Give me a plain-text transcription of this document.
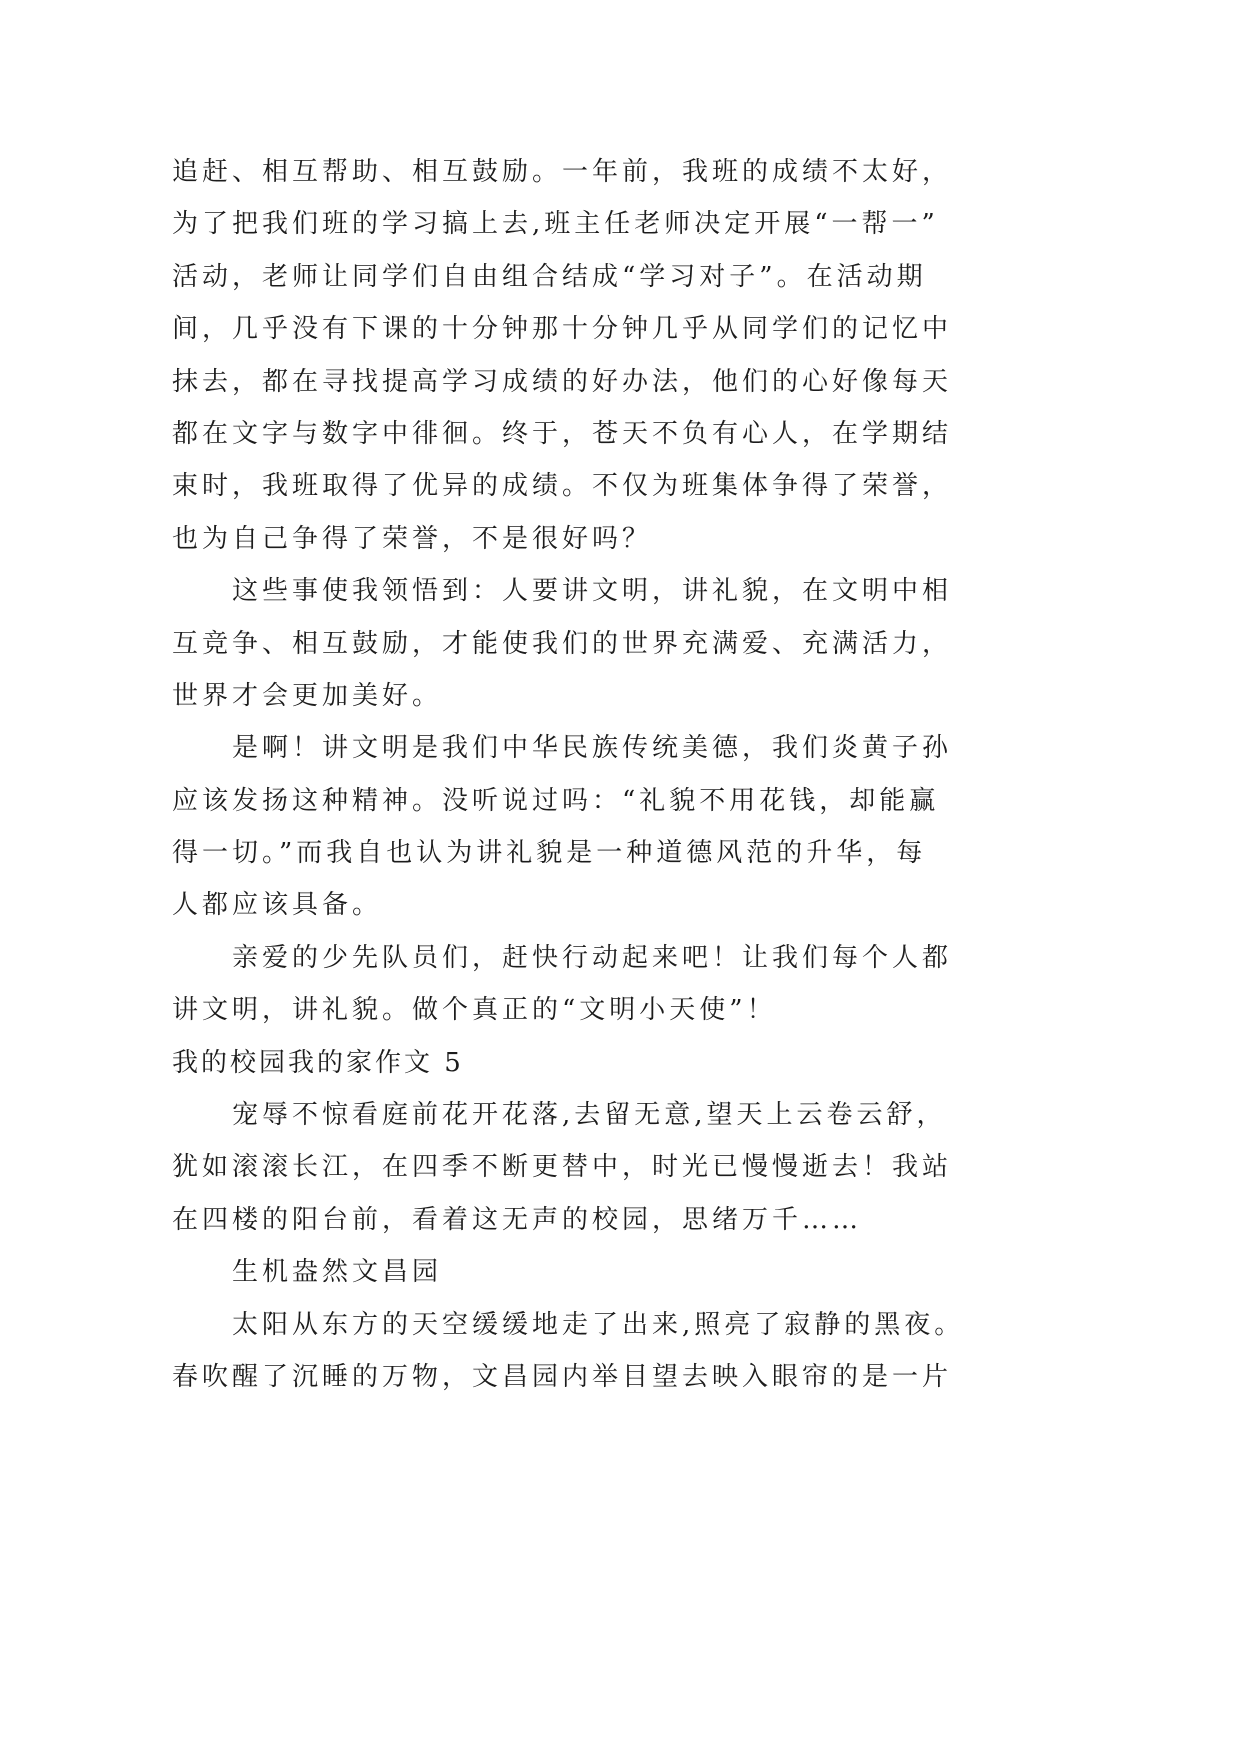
追赶、相互帮助、相互鼓励。一年前，我班的成绩不太好，
为了把我们班的学习搞上去,班主任老师决定开展“一帮一”
活动，老师让同学们自由组合结成“学习对子”。在活动期
间，几乎没有下课的十分钟那十分钟几乎从同学们的记忆中
抹去，都在寻找提高学习成绩的好办法，他们的心好像每天
都在文字与数字中徘徊。终于，苍天不负有心人，在学期结
束时，我班取得了优异的成绩。不仅为班集体争得了荣誉，
也为自己争得了荣誉，不是很好吗？
这些事使我领悟到：人要讲文明，讲礼貌，在文明中相
互竞争、相互鼓励，才能使我们的世界充满爱、充满活力，
世界才会更加美好。
是啊！讲文明是我们中华民族传统美德，我们炎黄子孙
应该发扬这种精神。没听说过吗：“礼貌不用花钱，却能赢
得一切。”而我自也认为讲礼貌是一种道德风范的升华，每
人都应该具备。
亲爱的少先队员们，赶快行动起来吧！让我们每个人都
讲文明，讲礼貌。做个真正的“文明小天使”！
我的校园我的家作文 5
宠辱不惊看庭前花开花落,去留无意,望天上云卷云舒，
犹如滚滚长江，在四季不断更替中，时光已慢慢逝去！我站
在四楼的阳台前，看着这无声的校园，思绪万千……
生机盎然文昌园
太阳从东方的天空缓缓地走了出来,照亮了寂静的黑夜。
春吹醒了沉睡的万物，文昌园内举目望去映入眼帘的是一片
